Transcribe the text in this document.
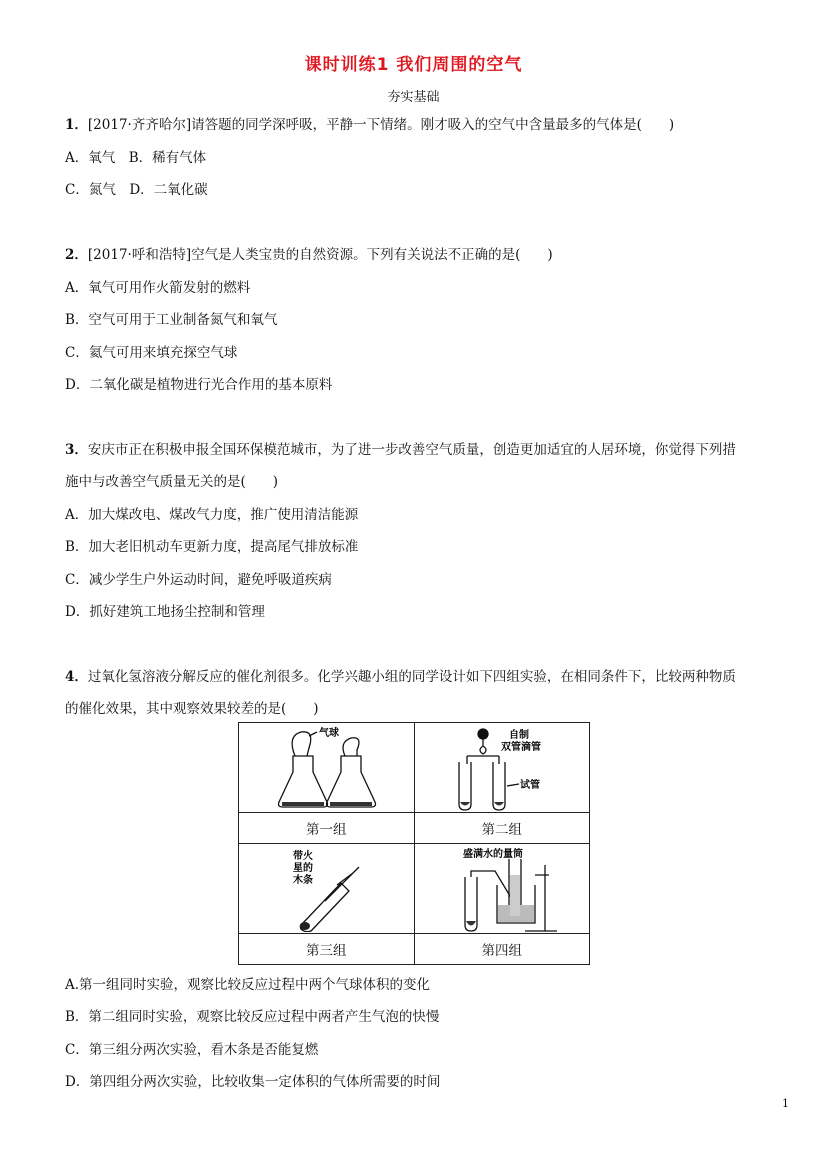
课时训练1 我们周围的空气
夯实基础
1．[2017·齐齐哈尔]请答题的同学深呼吸，平静一下情绪。刚才吸入的空气中含量最多的气体是(　　)
A．氧气　B．稀有气体
C．氮气　D．二氧化碳
2．[2017·呼和浩特]空气是人类宝贵的自然资源。下列有关说法不正确的是(　　)
A．氧气可用作火箭发射的燃料
B．空气可用于工业制备氮气和氧气
C．氦气可用来填充探空气球
D．二氧化碳是植物进行光合作用的基本原料
3．安庆市正在积极申报全国环保模范城市，为了进一步改善空气质量，创造更加适宜的人居环境，你觉得下列措
施中与改善空气质量无关的是(　　)
A．加大煤改电、煤改气力度，推广使用清洁能源
B．加大老旧机动车更新力度，提高尾气排放标准
C．减少学生户外运动时间，避免呼吸道疾病
D．抓好建筑工地扬尘控制和管理
4．过氧化氢溶液分解反应的催化剂很多。化学兴趣小组的同学设计如下四组实验，在相同条件下，比较两种物质
的催化效果，其中观察效果较差的是(　　)
气球	自制
双管滴管
试管

第一组	第二组

带火
星的
木条	盛满水的量筒

第三组	第四组
A.第一组同时实验，观察比较反应过程中两个气球体积的变化
B．第二组同时实验，观察比较反应过程中两者产生气泡的快慢
C．第三组分两次实验，看木条是否能复燃
D．第四组分两次实验，比较收集一定体积的气体所需要的时间
1
